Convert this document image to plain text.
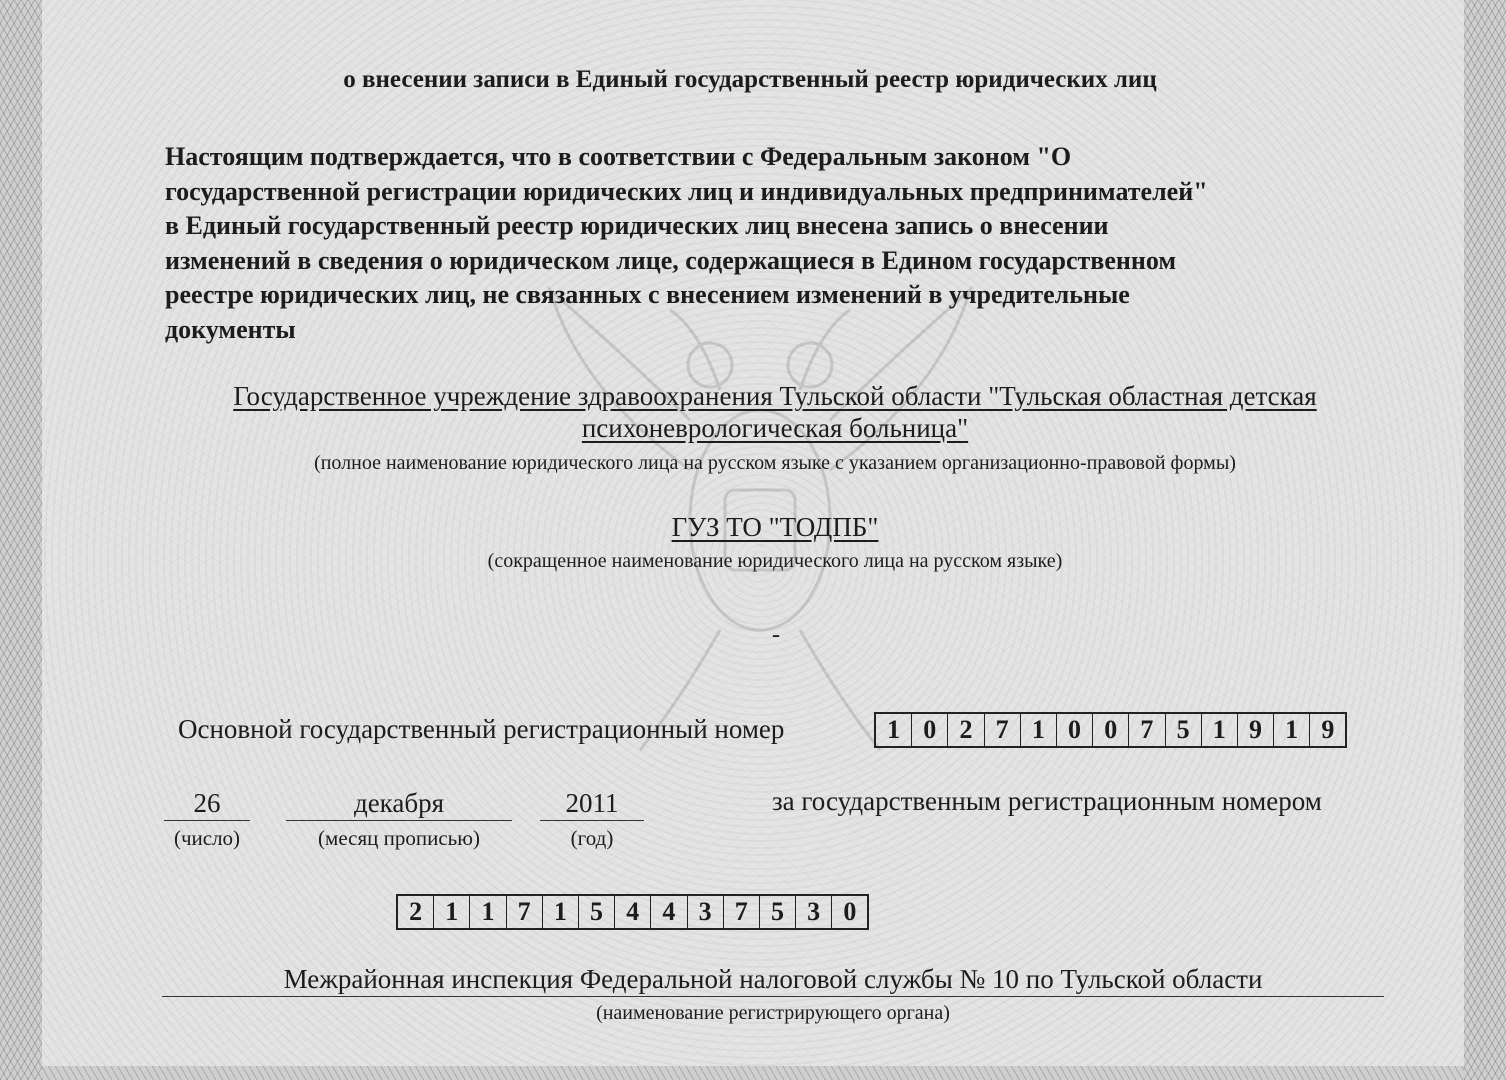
о внесении записи в Единый государственный реестр юридических лиц
Настоящим подтверждается, что в соответствии с Федеральным законом "О
государственной регистрации юридических лиц и индивидуальных предпринимателей"
в Единый государственный реестр юридических лиц внесена запись о внесении
изменений в сведения о юридическом лице, содержащиеся в Едином государственном
реестре юридических лиц, не связанных с внесением изменений в учредительные
документы
Государственное учреждение здравоохранения Тульской области "Тульская областная детская
психоневрологическая больница"
(полное наименование юридического лица на русском языке с указанием организационно-правовой формы)
ГУЗ ТО "ТОДПБ"
(сокращенное наименование юридического лица на русском языке)
-
Основной государственный регистрационный номер	1 0 2 7 1 0 0 7 5 1 9 1 9
26	декабря	2011
(число)	(месяц прописью)	(год)
за государственным регистрационным номером
2 1 1 7 1 5 4 4 3 7 5 3 0
Межрайонная инспекция Федеральной налоговой службы № 10 по Тульской области
(наименование регистрирующего органа)
